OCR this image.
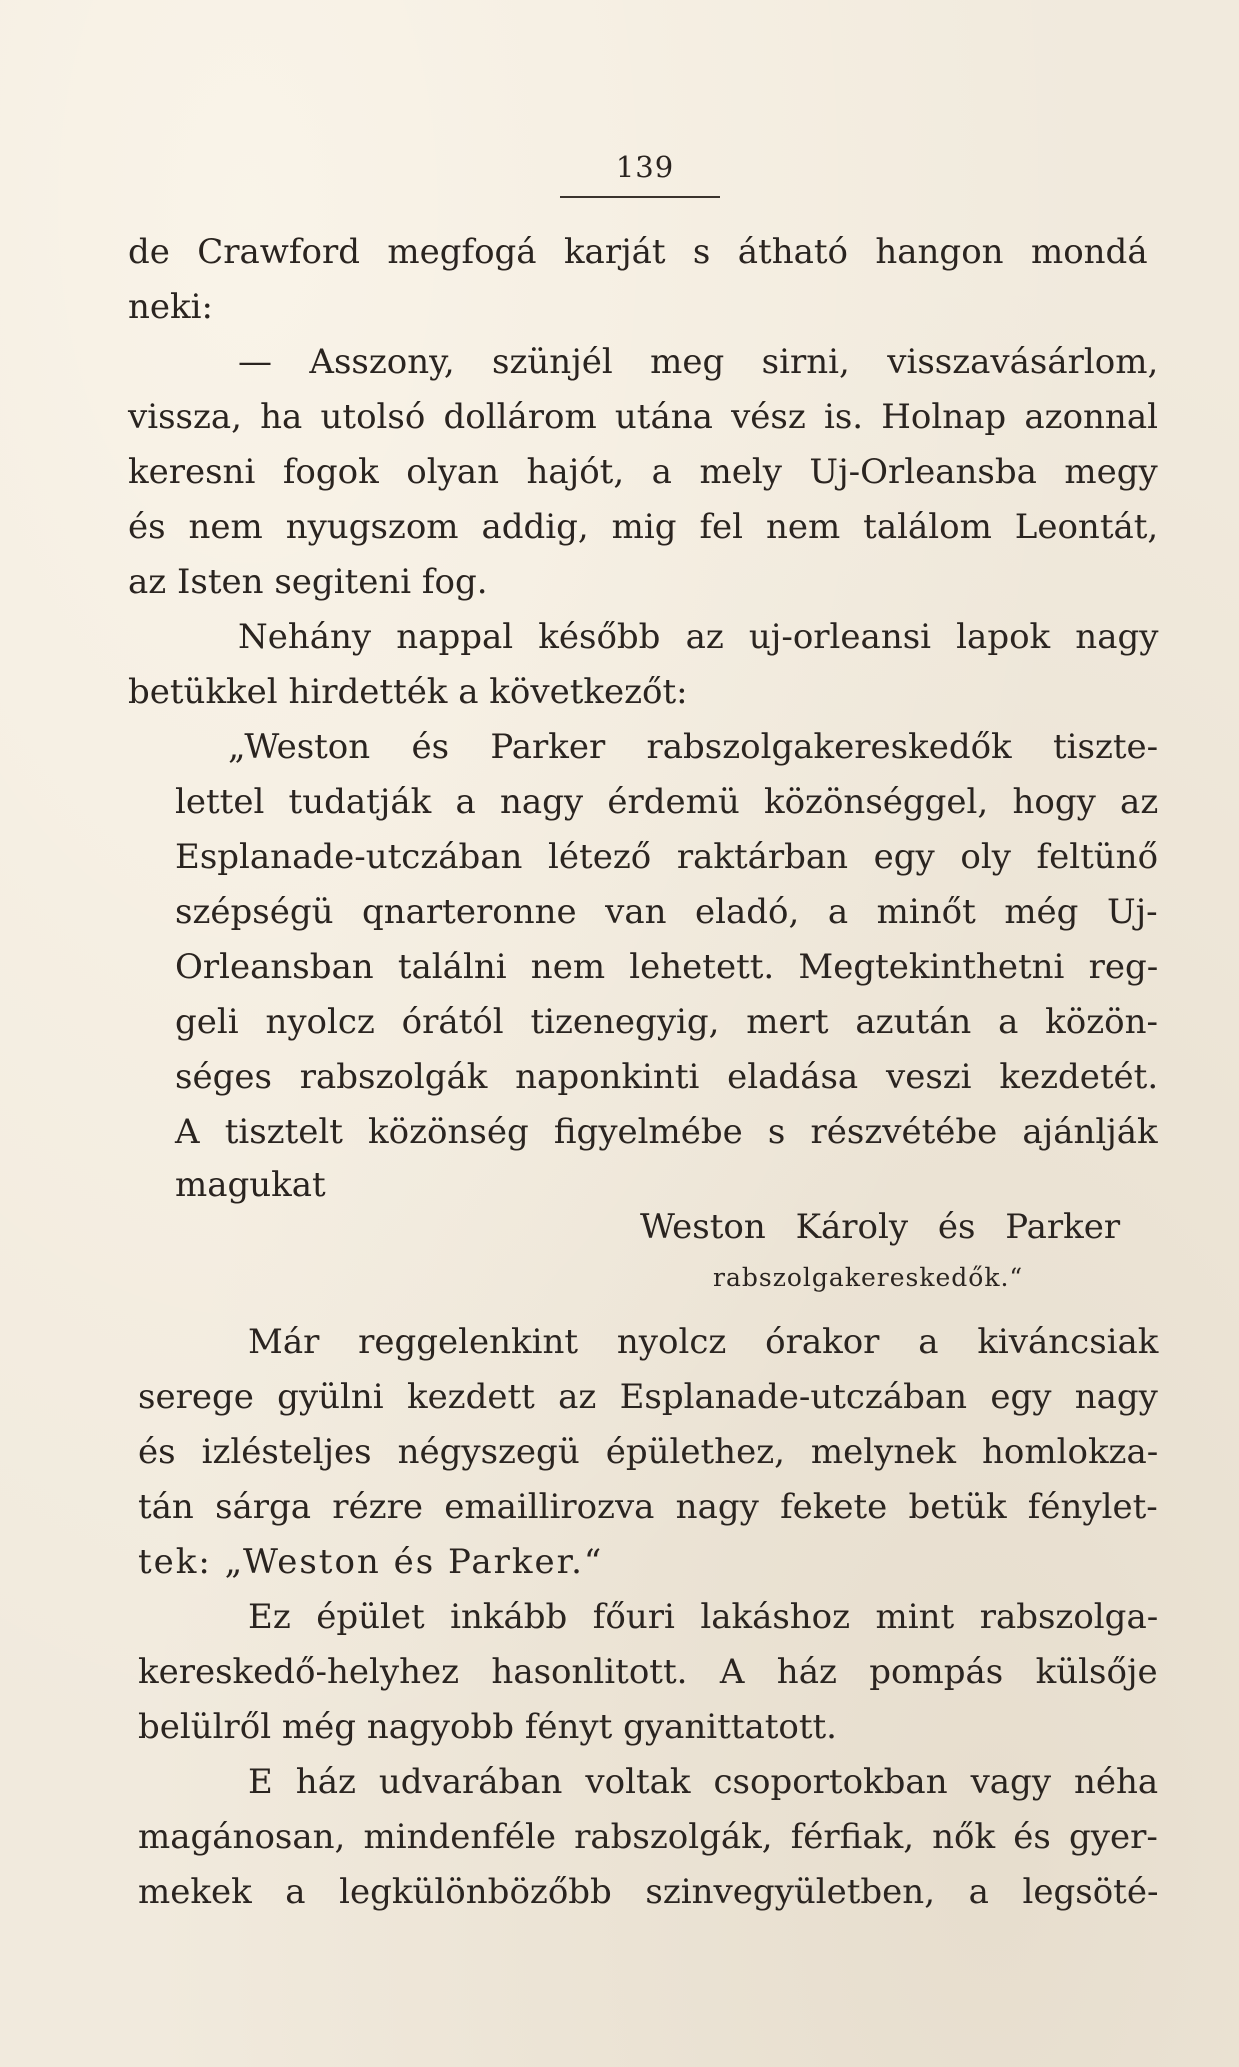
139
de Crawford megfogá karját s átható hangon mondá
neki:
— Asszony, szünjél meg sirni, visszavásárlom,
vissza, ha utolsó dollárom utána vész is. Holnap azonnal
keresni fogok olyan hajót, a mely Uj-Orleansba megy
és nem nyugszom addig, mig fel nem találom Leontát,
az Isten segiteni fog.
Nehány nappal később az uj-orleansi lapok nagy
betükkel hirdették a következőt:
„Weston és Parker rabszolgakereskedők tiszte-
lettel tudatják a nagy érdemü közönséggel, hogy az
Esplanade-utczában létező raktárban egy oly feltünő
szépségü qnarteronne van eladó, a minőt még Uj-
Orleansban találni nem lehetett. Megtekinthetni reg-
geli nyolcz órától tizenegyig, mert azután a közön-
séges rabszolgák naponkinti eladása veszi kezdetét.
A tisztelt közönség figyelmébe s részvétébe ajánlják
magukat
Weston Károly és Parker
rabszolgakereskedők.“
Már reggelenkint nyolcz órakor a kiváncsiak
serege gyülni kezdett az Esplanade-utczában egy nagy
és izlésteljes négyszegü épülethez, melynek homlokza-
tán sárga rézre emaillirozva nagy fekete betük fénylet-
tek: „Weston és Parker.“
Ez épület inkább főuri lakáshoz mint rabszolga-
kereskedő-helyhez hasonlitott. A ház pompás külsője
belülről még nagyobb fényt gyanittatott.
E ház udvarában voltak csoportokban vagy néha
magánosan, mindenféle rabszolgák, férfiak, nők és gyer-
mekek a legkülönbözőbb szinvegyületben, a legsöté-
